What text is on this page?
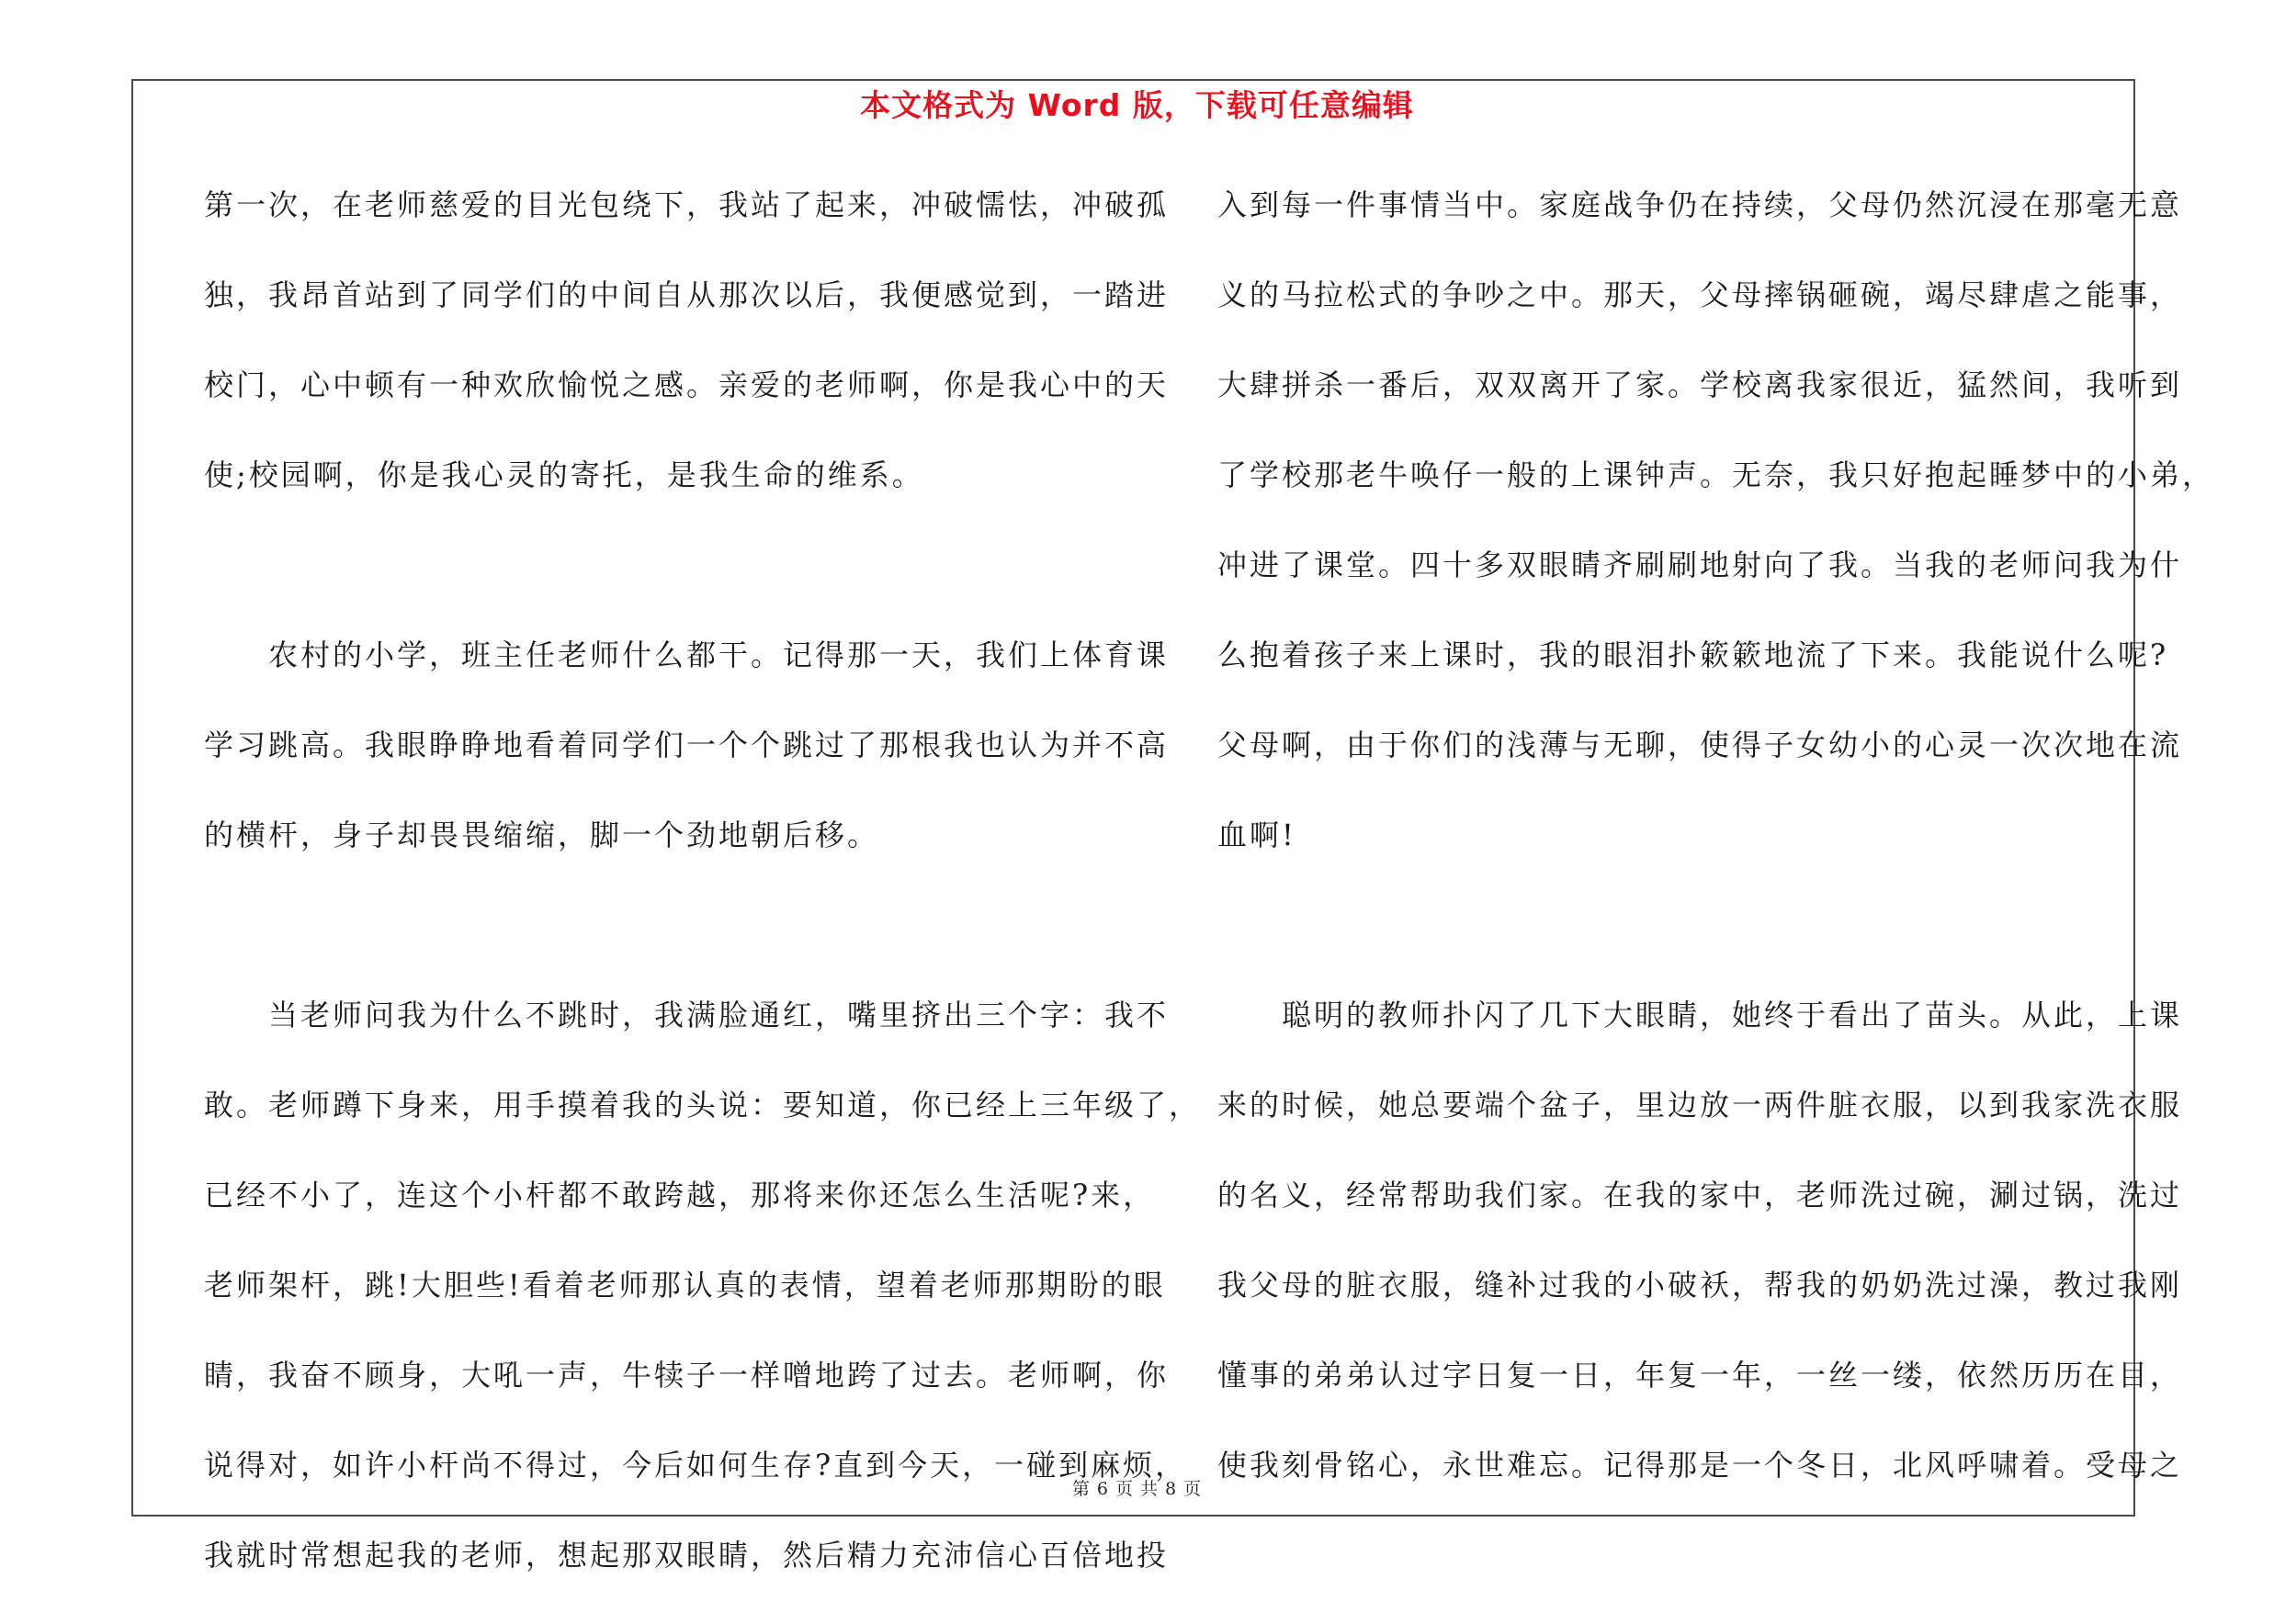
本文格式为 Word 版，下载可任意编辑
第一次，在老师慈爱的目光包绕下，我站了起来，冲破懦怯，冲破孤
独，我昂首站到了同学们的中间自从那次以后，我便感觉到，一踏进
校门，心中顿有一种欢欣愉悦之感。亲爱的老师啊，你是我心中的天
使;校园啊，你是我心灵的寄托，是我生命的维系。
　　农村的小学，班主任老师什么都干。记得那一天，我们上体育课
学习跳高。我眼睁睁地看着同学们一个个跳过了那根我也认为并不高
的横杆，身子却畏畏缩缩，脚一个劲地朝后移。
　　当老师问我为什么不跳时，我满脸通红，嘴里挤出三个字：我不
敢。老师蹲下身来，用手摸着我的头说：要知道，你已经上三年级了，
已经不小了，连这个小杆都不敢跨越，那将来你还怎么生活呢?来，
老师架杆，跳!大胆些!看着老师那认真的表情，望着老师那期盼的眼
睛，我奋不顾身，大吼一声，牛犊子一样噌地跨了过去。老师啊，你
说得对，如许小杆尚不得过，今后如何生存?直到今天，一碰到麻烦，
我就时常想起我的老师，想起那双眼睛，然后精力充沛信心百倍地投
入到每一件事情当中。家庭战争仍在持续，父母仍然沉浸在那毫无意
义的马拉松式的争吵之中。那天，父母摔锅砸碗，竭尽肆虐之能事，
大肆拼杀一番后，双双离开了家。学校离我家很近，猛然间，我听到
了学校那老牛唤仔一般的上课钟声。无奈，我只好抱起睡梦中的小弟，
冲进了课堂。四十多双眼睛齐刷刷地射向了我。当我的老师问我为什
么抱着孩子来上课时，我的眼泪扑簌簌地流了下来。我能说什么呢?
父母啊，由于你们的浅薄与无聊，使得子女幼小的心灵一次次地在流
血啊!
　　聪明的教师扑闪了几下大眼睛，她终于看出了苗头。从此，上课
来的时候，她总要端个盆子，里边放一两件脏衣服，以到我家洗衣服
的名义，经常帮助我们家。在我的家中，老师洗过碗，涮过锅，洗过
我父母的脏衣服，缝补过我的小破袄，帮我的奶奶洗过澡，教过我刚
懂事的弟弟认过字日复一日，年复一年，一丝一缕，依然历历在目，
使我刻骨铭心，永世难忘。记得那是一个冬日，北风呼啸着。受母之
第 6 页 共 8 页
